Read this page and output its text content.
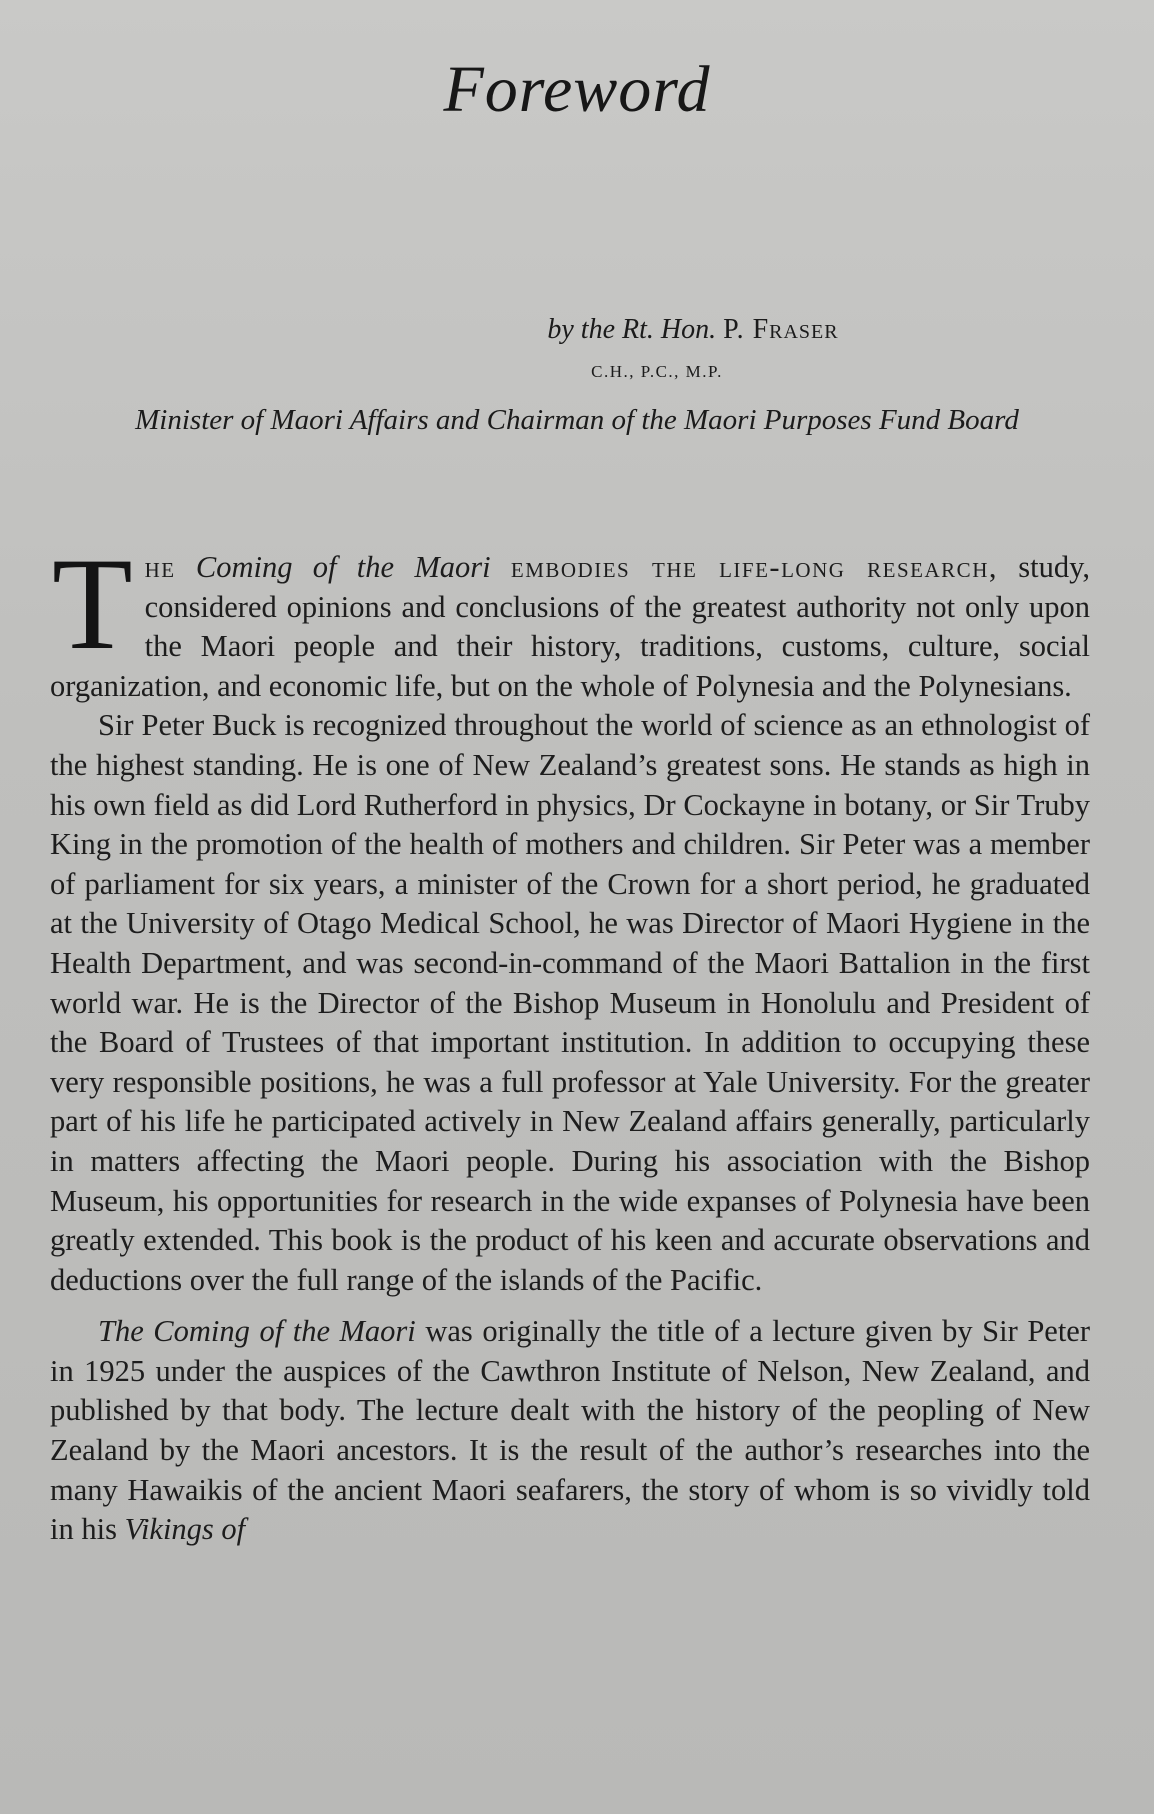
Foreword
by the Rt. Hon. P. Fraser
C.H., P.C., M.P.
Minister of Maori Affairs and Chairman of the Maori Purposes Fund Board

The Coming of the Maori embodies the life-long research, study, considered opinions and conclusions of the greatest authority not only upon the Maori people and their history, traditions, customs, culture, social organization, and economic life, but on the whole of Polynesia and the Polynesians.

Sir Peter Buck is recognized throughout the world of science as an ethnologist of the highest standing. He is one of New Zealand’s greatest sons. He stands as high in his own field as did Lord Rutherford in physics, Dr Cockayne in botany, or Sir Truby King in the promotion of the health of mothers and children. Sir Peter was a member of parliament for six years, a minister of the Crown for a short period, he graduated at the University of Otago Medical School, he was Director of Maori Hygiene in the Health Department, and was second-in-command of the Maori Battalion in the first world war. He is the Director of the Bishop Museum in Honolulu and President of the Board of Trustees of that important institution. In addition to occupying these very responsible positions, he was a full professor at Yale University. For the greater part of his life he participated actively in New Zealand affairs generally, particularly in matters affecting the Maori people. During his association with the Bishop Museum, his opportunities for research in the wide expanses of Polynesia have been greatly extended. This book is the product of his keen and accurate observations and deductions over the full range of the islands of the Pacific.

The Coming of the Maori was originally the title of a lecture given by Sir Peter in 1925 under the auspices of the Cawthron Institute of Nelson, New Zealand, and published by that body. The lecture dealt with the history of the peopling of New Zealand by the Maori ancestors. It is the result of the author’s researches into the many Hawaikis of the ancient Maori seafarers, the story of whom is so vividly told in his Vikings of
